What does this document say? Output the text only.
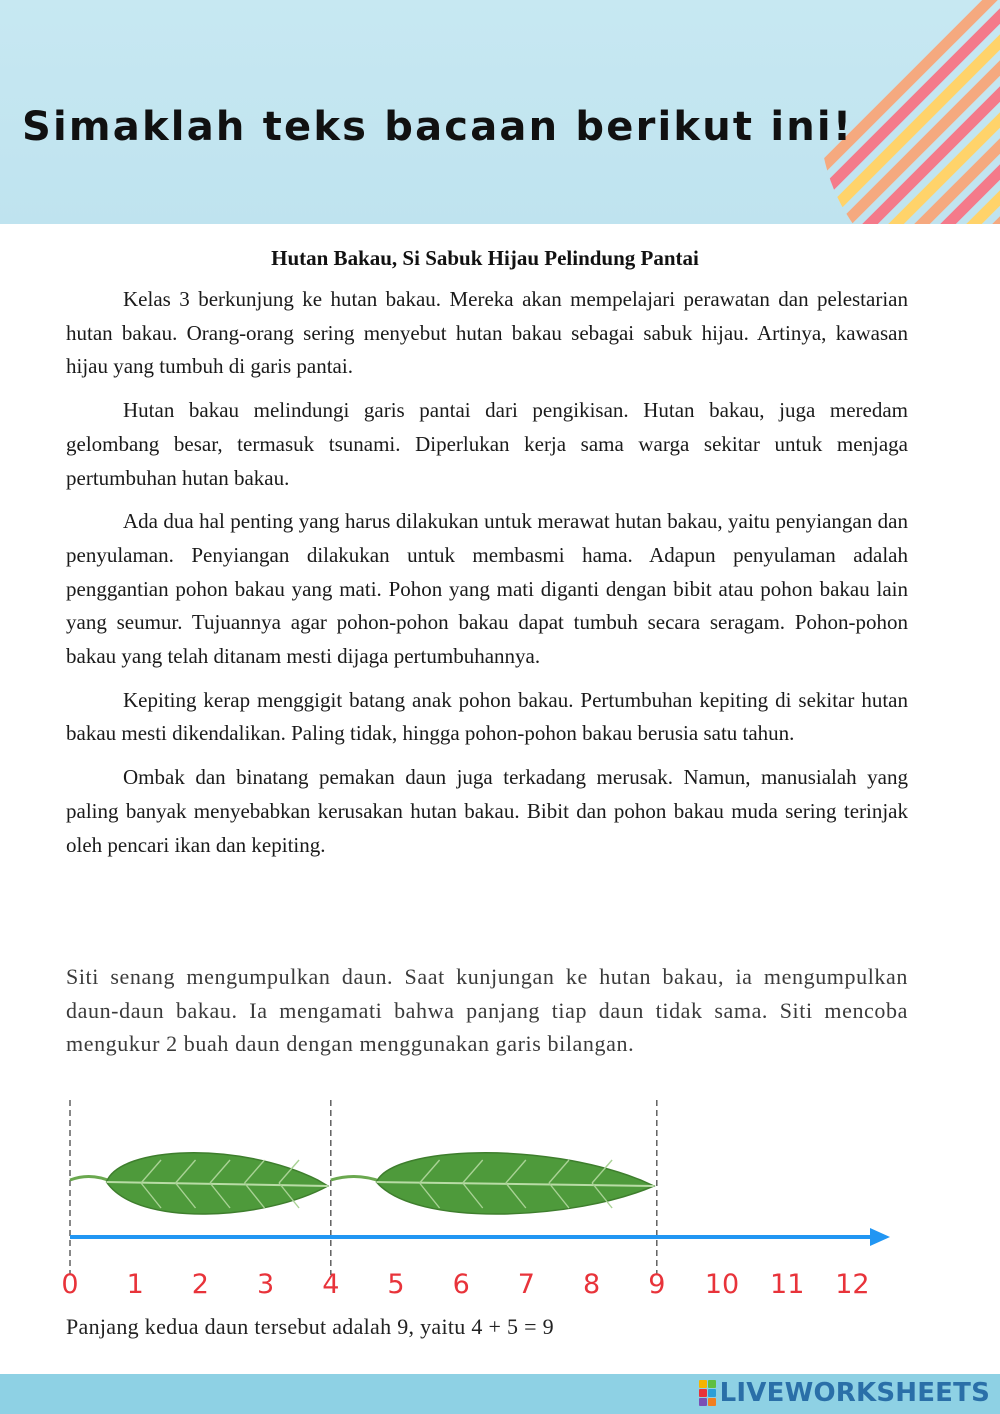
Simaklah teks bacaan berikut ini!
Hutan Bakau, Si Sabuk Hijau Pelindung Pantai

Kelas 3 berkunjung ke hutan bakau. Mereka akan mempelajari perawatan dan pelestarian hutan bakau. Orang-orang sering menyebut hutan bakau sebagai sabuk hijau. Artinya, kawasan hijau yang tumbuh di garis pantai.

Hutan bakau melindungi garis pantai dari pengikisan. Hutan bakau, juga meredam gelombang besar, termasuk tsunami. Diperlukan kerja sama warga sekitar untuk menjaga pertumbuhan hutan bakau.

Ada dua hal penting yang harus dilakukan untuk merawat hutan bakau, yaitu penyiangan dan penyulaman. Penyiangan dilakukan untuk membasmi hama. Adapun penyulaman adalah penggantian pohon bakau yang mati. Pohon yang mati diganti dengan bibit atau pohon bakau lain yang seumur. Tujuannya agar pohon-pohon bakau dapat tumbuh secara seragam. Pohon-pohon bakau yang telah ditanam mesti dijaga pertumbuhannya.

Kepiting kerap menggigit batang anak pohon bakau. Pertumbuhan kepiting di sekitar hutan bakau mesti dikendalikan. Paling tidak, hingga pohon-pohon bakau berusia satu tahun.

Ombak dan binatang pemakan daun juga terkadang merusak. Namun, manusialah yang paling banyak menyebabkan kerusakan hutan bakau. Bibit dan pohon bakau muda sering terinjak oleh pencari ikan dan kepiting.

Siti senang mengumpulkan daun. Saat kunjungan ke hutan bakau, ia mengumpulkan daun-daun bakau. Ia mengamati bahwa panjang tiap daun tidak sama. Siti mencoba mengukur 2 buah daun dengan menggunakan garis bilangan.

0 1 2 3 4 5 6 7 8 9 10 11 12
Panjang kedua daun tersebut adalah 9, yaitu 4 + 5 = 9
LIVEWORKSHEETS
